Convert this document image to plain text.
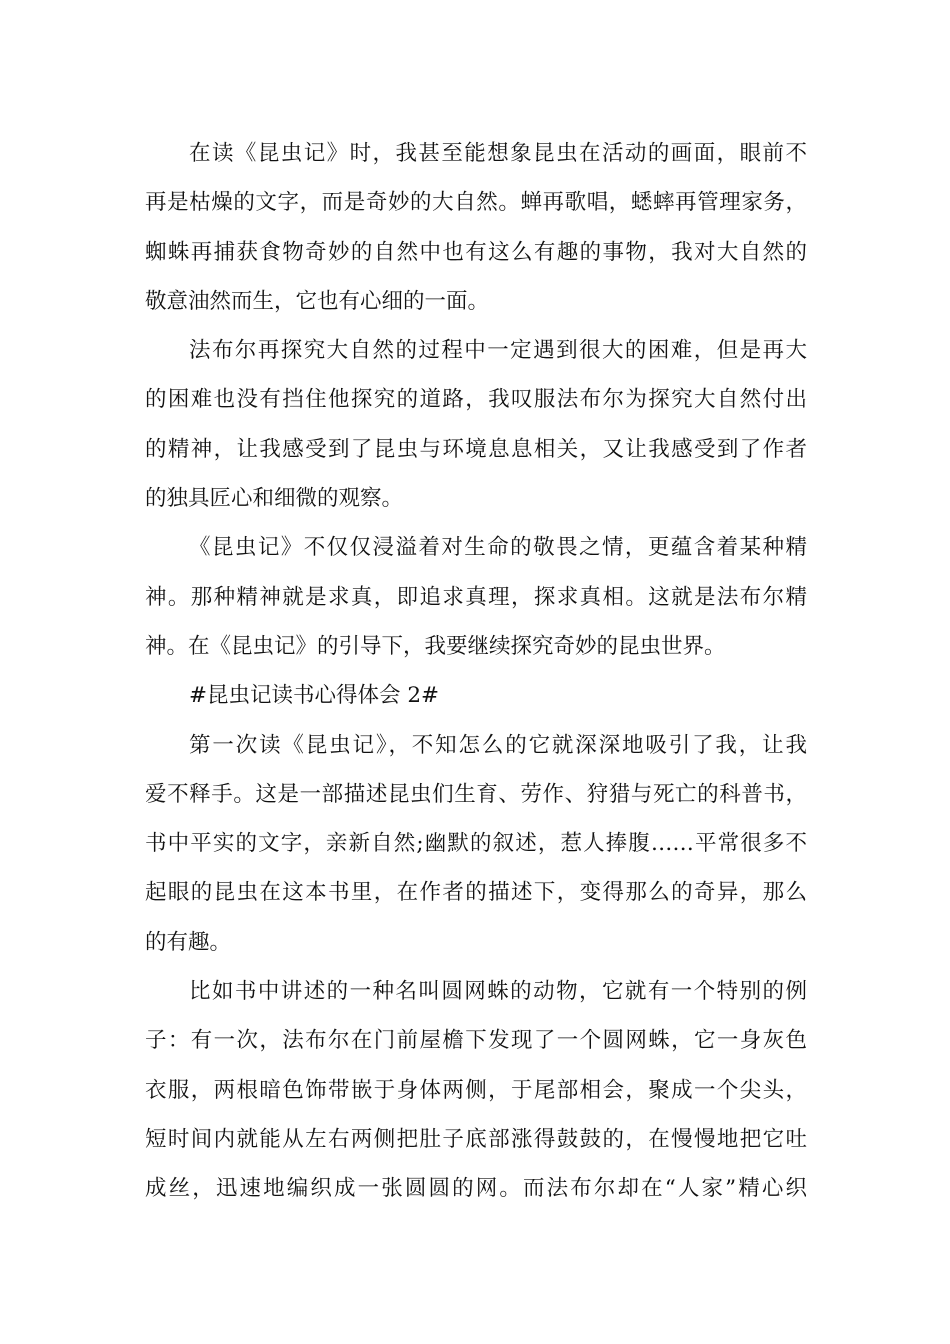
在读《昆虫记》时，我甚至能想象昆虫在活动的画面，眼前不
再是枯燥的文字，而是奇妙的大自然。蝉再歌唱，蟋蟀再管理家务，
蜘蛛再捕获食物奇妙的自然中也有这么有趣的事物，我对大自然的
敬意油然而生，它也有心细的一面。
法布尔再探究大自然的过程中一定遇到很大的困难，但是再大
的困难也没有挡住他探究的道路，我叹服法布尔为探究大自然付出
的精神，让我感受到了昆虫与环境息息相关，又让我感受到了作者
的独具匠心和细微的观察。
《昆虫记》不仅仅浸溢着对生命的敬畏之情，更蕴含着某种精
神。那种精神就是求真，即追求真理，探求真相。这就是法布尔精
神。在《昆虫记》的引导下，我要继续探究奇妙的昆虫世界。
#昆虫记读书心得体会 2#
第一次读《昆虫记》，不知怎么的它就深深地吸引了我，让我
爱不释手。这是一部描述昆虫们生育、劳作、狩猎与死亡的科普书，
书中平实的文字，亲新自然;幽默的叙述，惹人捧腹……平常很多不
起眼的昆虫在这本书里，在作者的描述下，变得那么的奇异，那么
的有趣。
比如书中讲述的一种名叫圆网蛛的动物，它就有一个特别的例
子：有一次，法布尔在门前屋檐下发现了一个圆网蛛，它一身灰色
衣服，两根暗色饰带嵌于身体两侧，于尾部相会，聚成一个尖头，
短时间内就能从左右两侧把肚子底部涨得鼓鼓的，在慢慢地把它吐
成丝，迅速地编织成一张圆圆的网。而法布尔却在“人家”精心织
